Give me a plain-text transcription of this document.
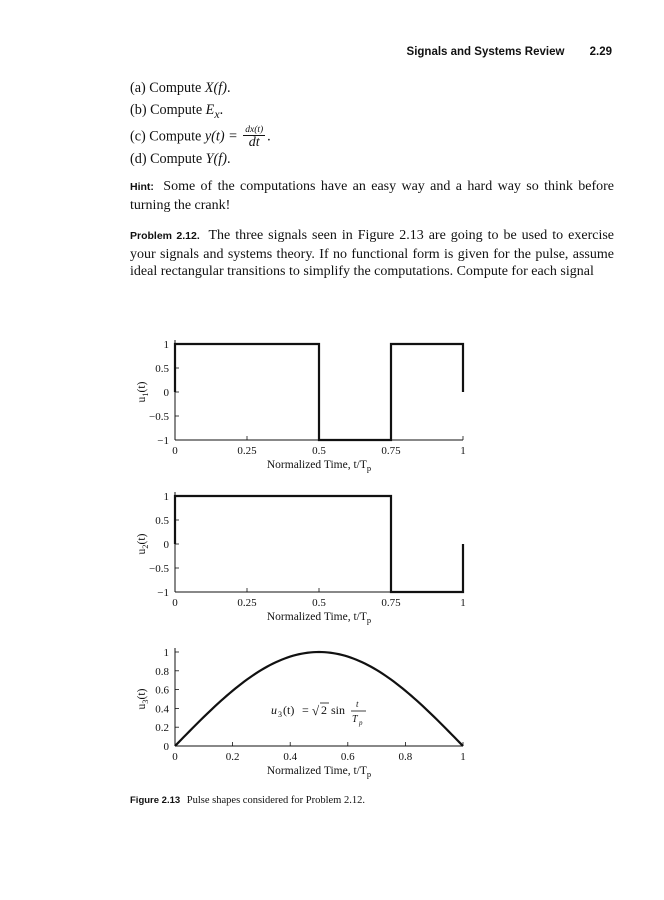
Signals and Systems Review 2.29
(a) Compute X(f).
(b) Compute $E_x$.
(c) Compute $y(t) = \frac{dx(t)}{dt}$ .
(d) Compute Y(f).
Hint: Some of the computations have an easy way and a hard way so think before turning the crank!
Problem 2.12. The three signals seen in Figure 2.13 are going to be used to exercise your signals and systems theory. If no functional form is given for the pulse, assume ideal rectangular transitions to simplify the computations. Compute for each signal
1
0.5
0
−0.5
−1
0	0.25	0.5	0.75	1
Normalized Time, $t/T_p$
$u_1(t)$
1
0.5
0
−0.5
−1
0	0.25	0.5	0.75	1
Normalized Time, $t/T_p$
$u_2(t)$
1
0.8
0.6
0.4
0.2
0
0	0.2	0.4	0.6	0.8	1
Normalized Time, $t/T_p$
$u_3(t)$
u 3 (t) = √ 2 sin t
T p
Figure 2.13 Pulse shapes considered for Problem 2.12.
